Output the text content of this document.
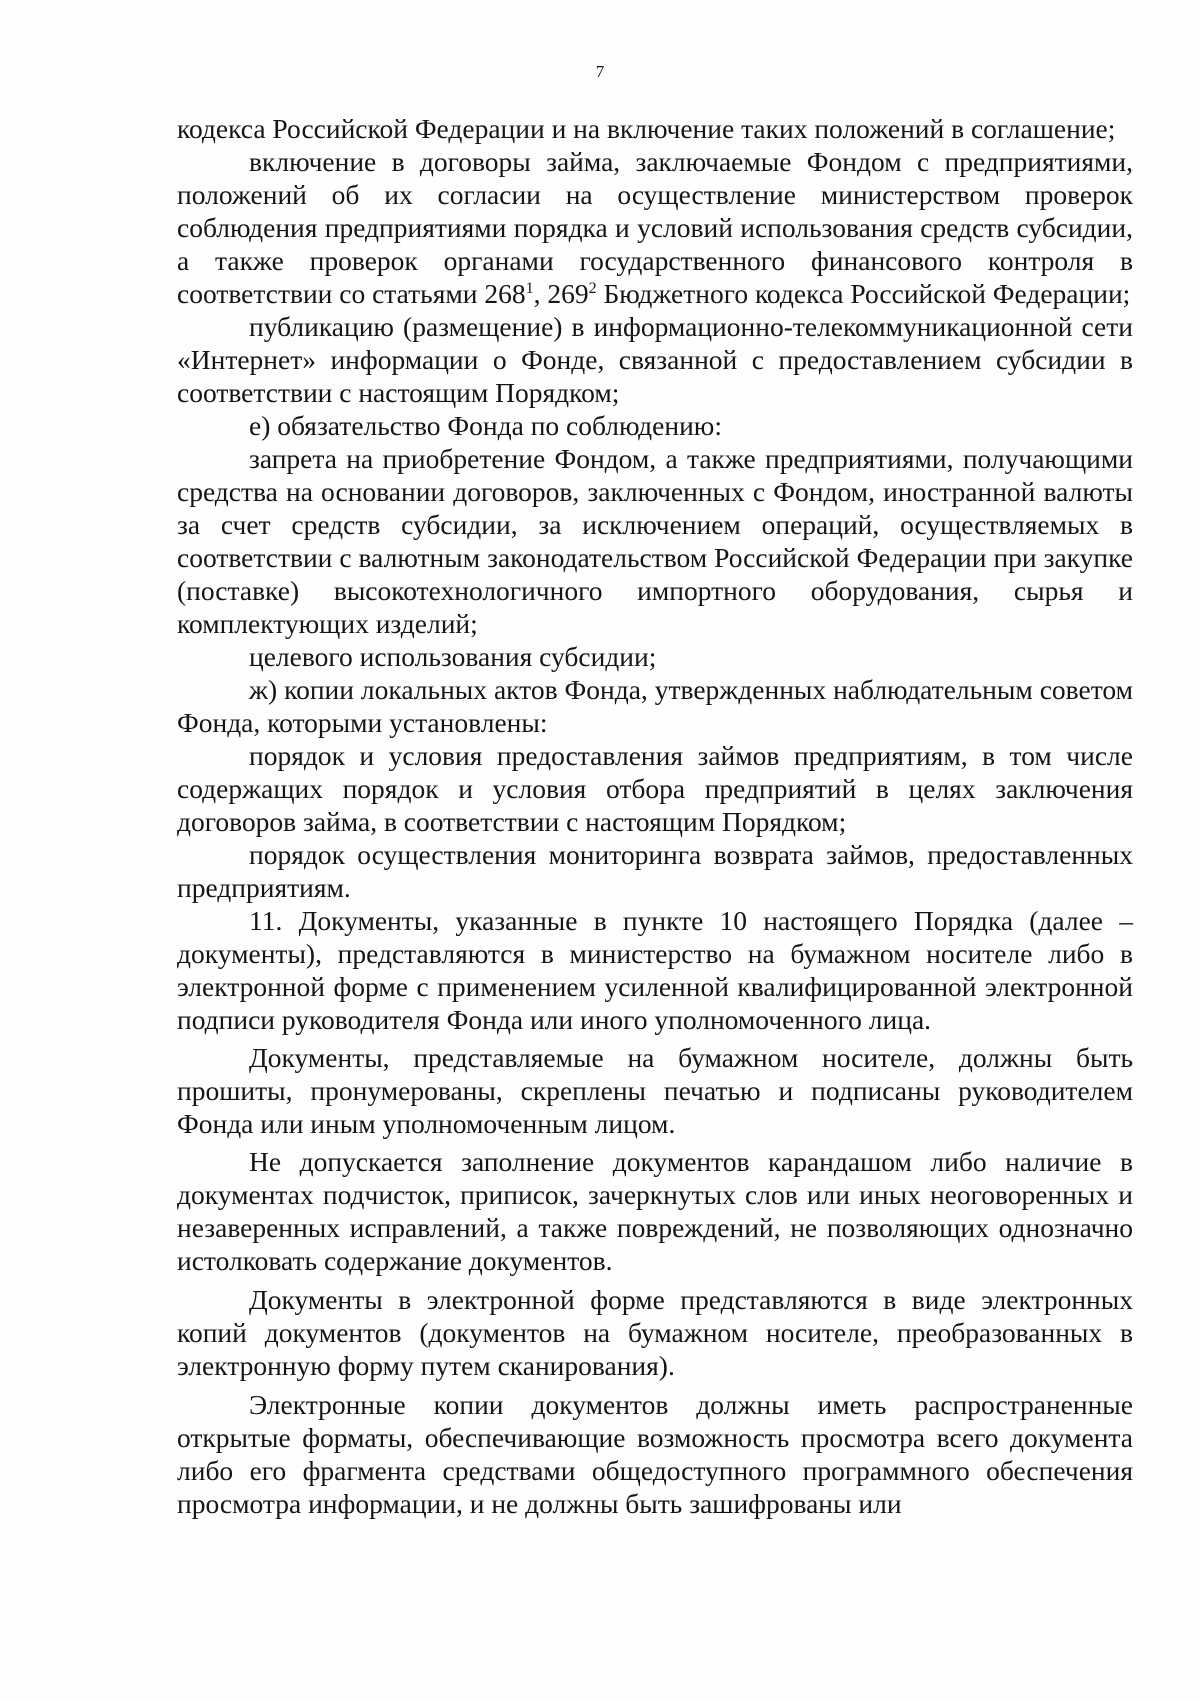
7

кодекса Российской Федерации и на включение таких положений в соглашение;

включение в договоры займа, заключаемые Фондом с предприятиями, положений об их согласии на осуществление министерством проверок соблюдения предприятиями порядка и условий использования средств субсидии, а также проверок органами государственного финансового контроля в соответствии со статьями $268^1$, $269^2$ Бюджетного кодекса Российской Федерации;

публикацию (размещение) в информационно-телекоммуникационной сети «Интернет» информации о Фонде, связанной с предоставлением субсидии в соответствии с настоящим Порядком;

е) обязательство Фонда по соблюдению:

запрета на приобретение Фондом, а также предприятиями, получающими средства на основании договоров, заключенных с Фондом, иностранной валюты за счет средств субсидии, за исключением операций, осуществляемых в соответствии с валютным законодательством Российской Федерации при закупке (поставке) высокотехнологичного импортного оборудования, сырья и комплектующих изделий;

целевого использования субсидии;

ж) копии локальных актов Фонда, утвержденных наблюдательным советом Фонда, которыми установлены:

порядок и условия предоставления займов предприятиям, в том числе содержащих порядок и условия отбора предприятий в целях заключения договоров займа, в соответствии с настоящим Порядком;

порядок осуществления мониторинга возврата займов, предоставленных предприятиям.

11. Документы, указанные в пункте 10 настоящего Порядка (далее – документы), представляются в министерство на бумажном носителе либо в электронной форме с применением усиленной квалифицированной электронной подписи руководителя Фонда или иного уполномоченного лица.

Документы, представляемые на бумажном носителе, должны быть прошиты, пронумерованы, скреплены печатью и подписаны руководителем Фонда или иным уполномоченным лицом.

Не допускается заполнение документов карандашом либо наличие в документах подчисток, приписок, зачеркнутых слов или иных неоговоренных и незаверенных исправлений, а также повреждений, не позволяющих однозначно истолковать содержание документов.

Документы в электронной форме представляются в виде электронных копий документов (документов на бумажном носителе, преобразованных в электронную форму путем сканирования).

Электронные копии документов должны иметь распространенные открытые форматы, обеспечивающие возможность просмотра всего документа либо его фрагмента средствами общедоступного программного обеспечения просмотра информации, и не должны быть зашифрованы или
